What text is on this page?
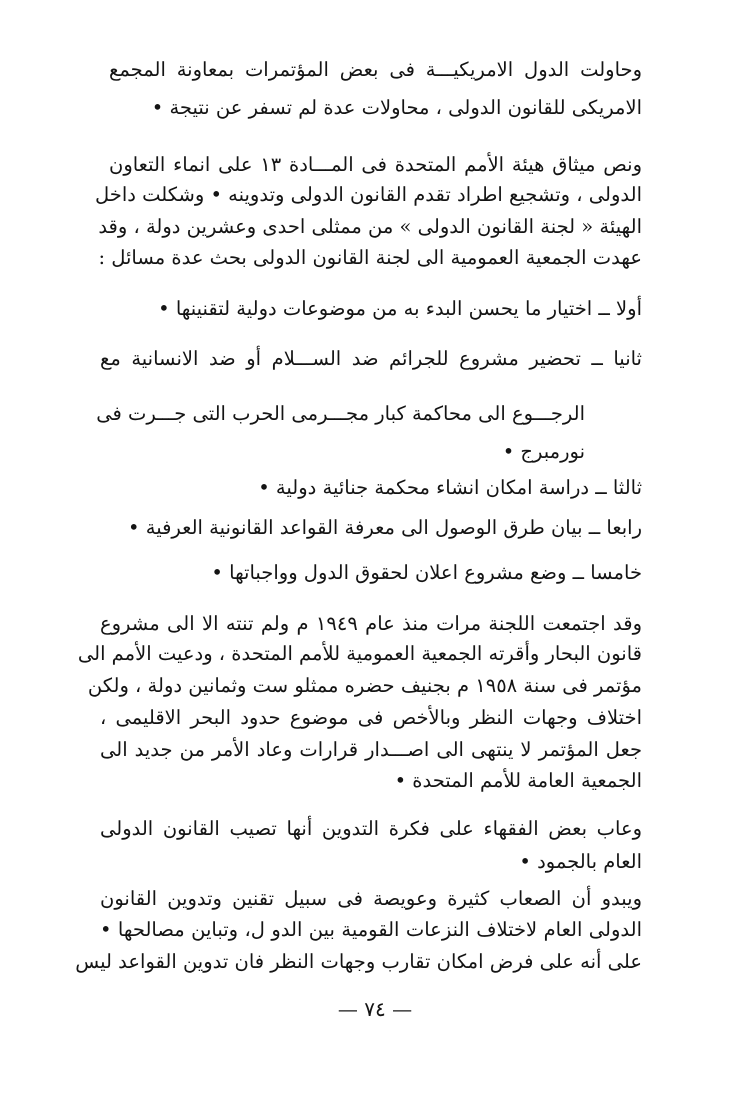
وحاولت الدول الامريكيـــة فى بعض المؤتمرات بمعاونة المجمع
الامريكى للقانون الدولى ، محاولات عدة لم تسفر عن نتيجة •
ونص ميثاق هيئة الأمم المتحدة فى المـــادة ١٣ على انماء التعاون
الدولى ، وتشجيع اطراد تقدم القانون الدولى وتدوينه • وشكلت داخل
الهيئة « لجنة القانون الدولى » من ممثلى احدى وعشرين دولة ، وقد
عهدت الجمعية العمومية الى لجنة القانون الدولى بحث عدة مسائل :
أولا ــ اختيار ما يحسن البدء به من موضوعات دولية لتقنينها •
ثانيا ــ تحضير مشروع للجرائم ضد الســـلام أو ضد الانسانية مع
الرجـــوع الى محاكمة كبار مجـــرمى الحرب التى جـــرت فى
نورمبرج •
ثالثا ــ دراسة امكان انشاء محكمة جنائية دولية •
رابعا ــ بيان طرق الوصول الى معرفة القواعد القانونية العرفية •
خامسا ــ وضع مشروع اعلان لحقوق الدول وواجباتها •
وقد اجتمعت اللجنة مرات منذ عام ١٩٤٩ م ولم تنته الا الى مشروع
قانون البحار وأقرته الجمعية العمومية للأمم المتحدة ، ودعيت الأمم الى
مؤتمر فى سنة ١٩٥٨ م بجنيف حضره ممثلو ست وثمانين دولة ، ولكن
اختلاف وجهات النظر وبالأخص فى موضوع حدود البحر الاقليمى ،
جعل المؤتمر لا ينتهى الى اصـــدار قرارات وعاد الأمر من جديد الى
الجمعية العامة للأمم المتحدة •
وعاب بعض الفقهاء على فكرة التدوين أنها تصيب القانون الدولى
العام بالجمود •
ويبدو أن الصعاب كثيرة وعويصة فى سبيل تقنين وتدوين القانون
الدولى العام لاختلاف النزعات القومية بين الدو ل، وتباين مصالحها •
على أنه على فرض امكان تقارب وجهات النظر فان تدوين القواعد ليس
— ٧٤ —
